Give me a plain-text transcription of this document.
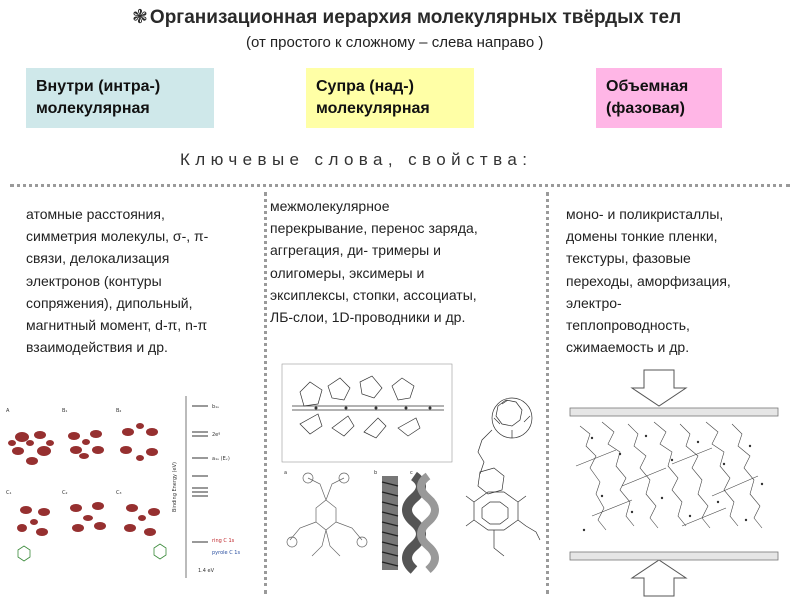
❃ Организационная иерархия молекулярных твёрдых тел
(от простого к сложному – слева направо )
Внутри (интра-)
молекулярная
Супра (над-)
молекулярная
Объемная
(фазовая)
Ключевые слова, свойства:
атомные расстояния,
симметрия молекулы, σ-, π-
связи, делокализация
электронов (контуры
сопряжения), дипольный,
магнитный момент, d-π, n-π
взаимодействия и др.
межмолекулярное
перекрывание, перенос заряда,
аггрегация, ди- тримеры и
олигомеры, эксимеры и
эксиплексы, стопки, ассоциаты,
ЛБ-слои, 1D-проводники и др.
моно- и поликристаллы,
домены тонкие пленки,
текстуры, фазовые
переходы, аморфизация,
электро-
теплопроводность,
сжимаемость и др.
A	B₁	B₂
C₁	C₂	C₃	Binding Energy (eV)
b₁ᵤ
2eᵍ
a₁ᵤ (Eᵥ)
ring C 1s
pyrole C 1s
1.4 eV
a	b	c
